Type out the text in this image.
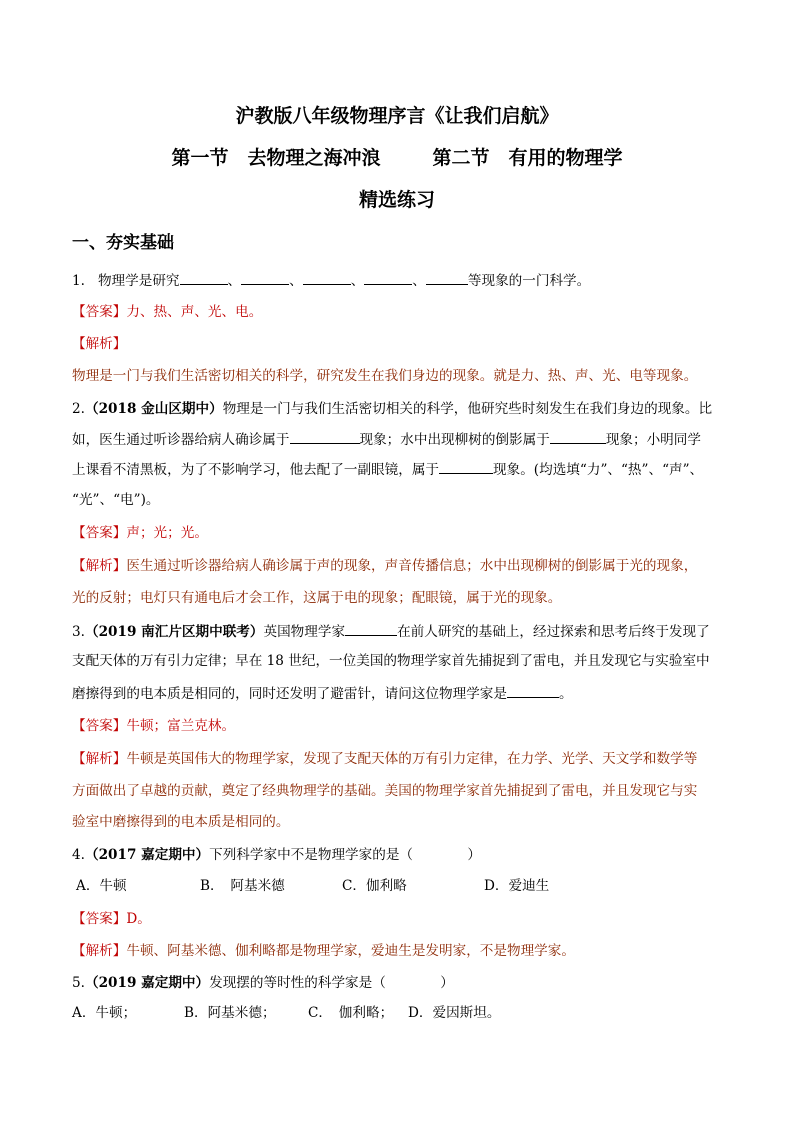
沪教版八年级物理序言《让我们启航》
第一节　去物理之海冲浪	第二节　有用的物理学
精选练习
一、夯实基础
1. 物理学是研究	、	、	、	、	等现象的一门科学。
【答案】力、热、声、光、电。
【解析】
物理是一门与我们生活密切相关的科学，研究发生在我们身边的现象。就是力、热、声、光、电等现象。
2.（2018 金山区期中）物理是一门与我们生活密切相关的科学，他研究些时刻发生在我们身边的现象。比
如，医生通过听诊器给病人确诊属于	现象；水中出现柳树的倒影属于	现象；小明同学
上课看不清黑板，为了不影响学习，他去配了一副眼镜，属于	现象。(均选填“力”、“热”、“声”、
“光”、“电”)。
【答案】声；光；光。
【解析】医生通过听诊器给病人确诊属于声的现象，声音传播信息；水中出现柳树的倒影属于光的现象，
光的反射；电灯只有通电后才会工作，这属于电的现象；配眼镜，属于光的现象。
3.（2019 南汇片区期中联考）英国物理学家	在前人研究的基础上，经过探索和思考后终于发现了
支配天体的万有引力定律；早在 18 世纪，一位美国的物理学家首先捕捉到了雷电，并且发现它与实验室中
磨擦得到的电本质是相同的，同时还发明了避雷针，请问这位物理学家是	。
【答案】牛顿；富兰克林。
【解析】牛顿是英国伟大的物理学家，发现了支配天体的万有引力定律，在力学、光学、天文学和数学等
方面做出了卓越的贡献，奠定了经典物理学的基础。美国的物理学家首先捕捉到了雷电，并且发现它与实
验室中磨擦得到的电本质是相同的。
4.（2017 嘉定期中）下列科学家中不是物理学家的是（　　　　）
A．牛顿	B．　阿基米德	C．伽利略	D．爱迪生
【答案】D。
【解析】牛顿、阿基米德、伽利略都是物理学家，爱迪生是发明家，不是物理学家。
5.（2019 嘉定期中）发现摆的等时性的科学家是（　　　　）
A．牛顿；	B．阿基米德； C．　伽利略； D．爱因斯坦。
